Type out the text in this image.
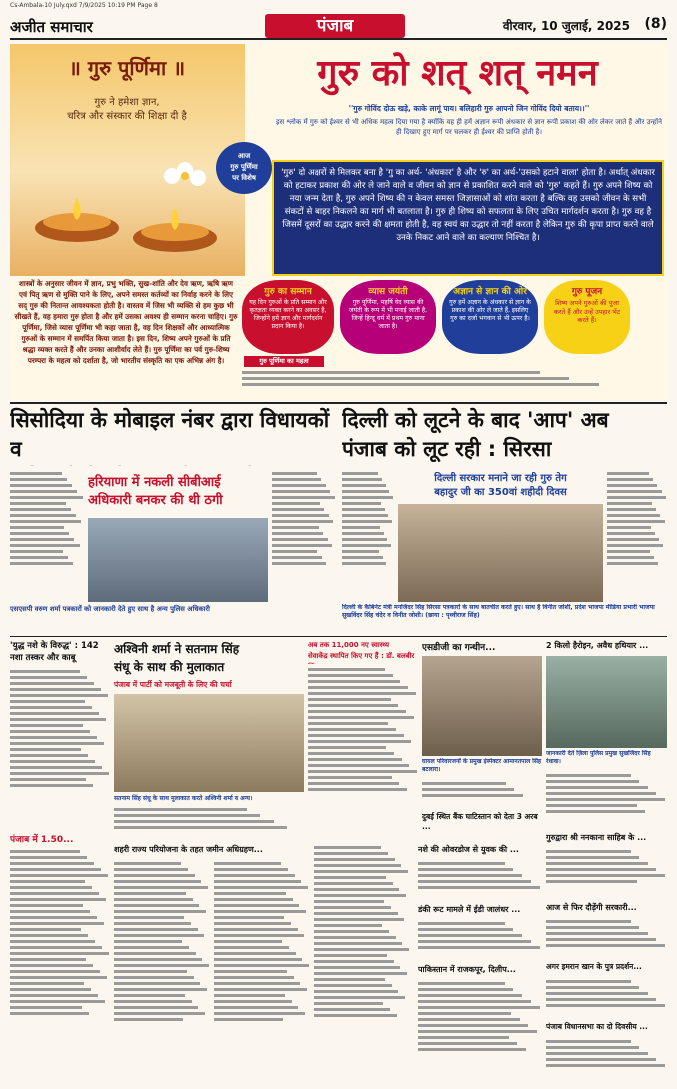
Cs-Ambala-10 July.qxd 7/9/2025 10:19 PM Page 8
अजीत समाचार	पंजाब	वीरवार, 10 जुलाई, 2025	(8)
॥ गुरु पूर्णिमा ॥
गुरु ने हमेशा ज्ञान,
चरित्र और संस्कार की शिक्षा दी है
आज
गुरु पूर्णिमा
पर विशेष
गुरु को शत् शत् नमन
''गुरु गोविंद दोऊ खड़े, काके लागूं पाय। बलिहारी गुरु आपनो जिन गोविंद दियो बताय।।''
इस श्लोक में गुरु को ईश्वर से भी अधिक महत्व दिया गया है क्योंकि वह ही हमें अज्ञान रूपी अंधकार से ज्ञान रूपी प्रकाश की ओर लेकर जाते हैं और उन्होंने ही दिखाए हुए मार्ग पर चलकर ही ईश्वर की प्राप्ति होती है।
'गुरु' दो अक्षरों से मिलकर बना है 'गु का अर्थ- 'अंधकार' है और 'रु' का अर्थ-'उसको हटाने वाला' होता है। अर्थात् अंधकार को हटाकर प्रकाश की ओर ले जाने वाले व जीवन को ज्ञान से प्रकाशित करने वाले को 'गुरु' कहते हैं। गुरु अपने शिष्य को नया जन्म देता है, गुरु अपने शिष्य की न केवल समस्त जिज्ञासाओं को शांत करता है बल्कि वह उसको जीवन के सभी संकटों से बाहर निकलने का मार्ग भी बतलाता है। गुरु ही शिष्य को सफलता के लिए उचित मार्गदर्शन करता है। गुरु वह है जिसमें दूसरों का उद्धार करने की क्षमता होती है, वह स्वयं का उद्धार तो नहीं करता है लेकिन गुरु की कृपा प्राप्त करने वाले उनके निकट आने वाले का कल्याण निश्चित है।
शास्त्रों के अनुसार जीवन में ज्ञान, प्रभु भक्ति, सुख-शांति और देव ऋण, ऋषि ऋण एवं पितृ ऋण से मुक्ति पाने के लिए, अपने समस्त कर्तव्यों का निर्वाह करने के लिए सद् गुरु की नितान्त आवश्यकता होती है। वास्तव में जिस भी व्यक्ति से हम कुछ भी सीखते हैं, वह हमारा गुरु होता है और हमें उसका अवश्य ही सम्मान करना चाहिए। गुरु पूर्णिमा, जिसे व्यास पूर्णिमा भी कहा जाता है, वह दिन शिक्षकों और आध्यात्मिक गुरुओं के सम्मान में समर्पित किया जाता है। इस दिन, शिष्य अपने गुरुओं के प्रति श्रद्धा व्यक्त करते हैं और उनका आशीर्वाद लेते हैं। गुरु पूर्णिमा का पर्व गुरु-शिष्य परम्परा के महत्व को दर्शाता है, जो भारतीय संस्कृति का एक अभिन्न अंग है।
गुरु का सम्मान
यह दिन गुरुओं के प्रति सम्मान और कृतज्ञता व्यक्त करने का अवसर है, जिन्होंने हमें ज्ञान और मार्गदर्शन प्रदान किया है।
व्यास जयंती
गुरु पूर्णिमा, महर्षि वेद व्यास की जयंती के रूप में भी मनाई जाती है, जिन्हें हिन्दू धर्म में प्रथम गुरु माना जाता है।
अज्ञान से ज्ञान की ओर
गुरु हमें अज्ञान के अंधकार से ज्ञान के प्रकाश की ओर ले जाते हैं, इसलिए गुरु का दर्जा भगवान से भी ऊपर है।
गुरु पूजन
शिष्य अपने गुरुओं की पूजा करते हैं और उन्हें उपहार भेंट करते हैं।
गुरु पूर्णिमा का महत्व
सिसोदिया के मोबाइल नंबर द्वारा विधायकों व
हरियाणा में नकली सीबीआई
अधिकारी बनकर की थी ठगी
एसएसपी वरुण शर्मा पत्रकारों को जानकारी देते हुए साथ है अन्य पुलिस अधिकारी
दिल्ली को लूटने के बाद 'आप' अब
पंजाब को लूट रही : सिरसा
दिल्ली सरकार मनाने जा रही गुरु तेग
बहादुर जी का 350वां शहीदी दिवस
दिल्ली के कैबिनेट मंत्री मनजिंदर सिंह सिरसा पत्रकारों के साथ बातचीत करते हुए। साथ है विनीत जोशी, प्रदेश भाजपा मीडिया प्रभारी भाजपा सुखविंदर सिंह चंदेर व विनीत जोशी। (छाया : पृथ्वीराज सिंह)
'युद्ध नशे के विरुद्ध' : 142
नशा तस्कर और काबू
पंजाब में 1.50...
अश्विनी शर्मा ने सतनाम सिंह
संधू के साथ की मुलाकात
पंजाब में पार्टी को मजबूती के लिए की चर्चा
सतनाम सिंह संधू के साथ मुलाकात करते अश्विनी शर्मा व अन्य।
अब तक 11,000 नए स्वास्थ्य
सेवाकेंद्र स्थापित किए गए हैं : डॉ. बलबीर
एसडीजी का गन्धीन...
घायल परिवारजनों के प्रमुख इंस्पेक्टर आमानतपाल सिंह बटलारा।
दुबई स्थित बैंक घाटिस्तान को देता 3 अरब ...
2 किलो हैरोइन, अवैध हथियार ...
जानकारी देते ज़िला पुलिस प्रमुख सुखजिंदर सिंह रंधावा।
गुरुद्वारा श्री ननकाना साहिब के ...
आज से फिर दौड़ेंगी सरकारी...
अगर इमरान खान के पुत्र प्रदर्शन...
पंजाब विधानसभा का दो दिवसीय ...
शहरी राज्य परियोजना के तहत जमीन अधिग्रहण...	नशे की ओवरडोज से युवक की ...
डंकी रूट मामले में ईडी जालंधर ...
पाकिस्तान में राजकपूर, दिलीप...
